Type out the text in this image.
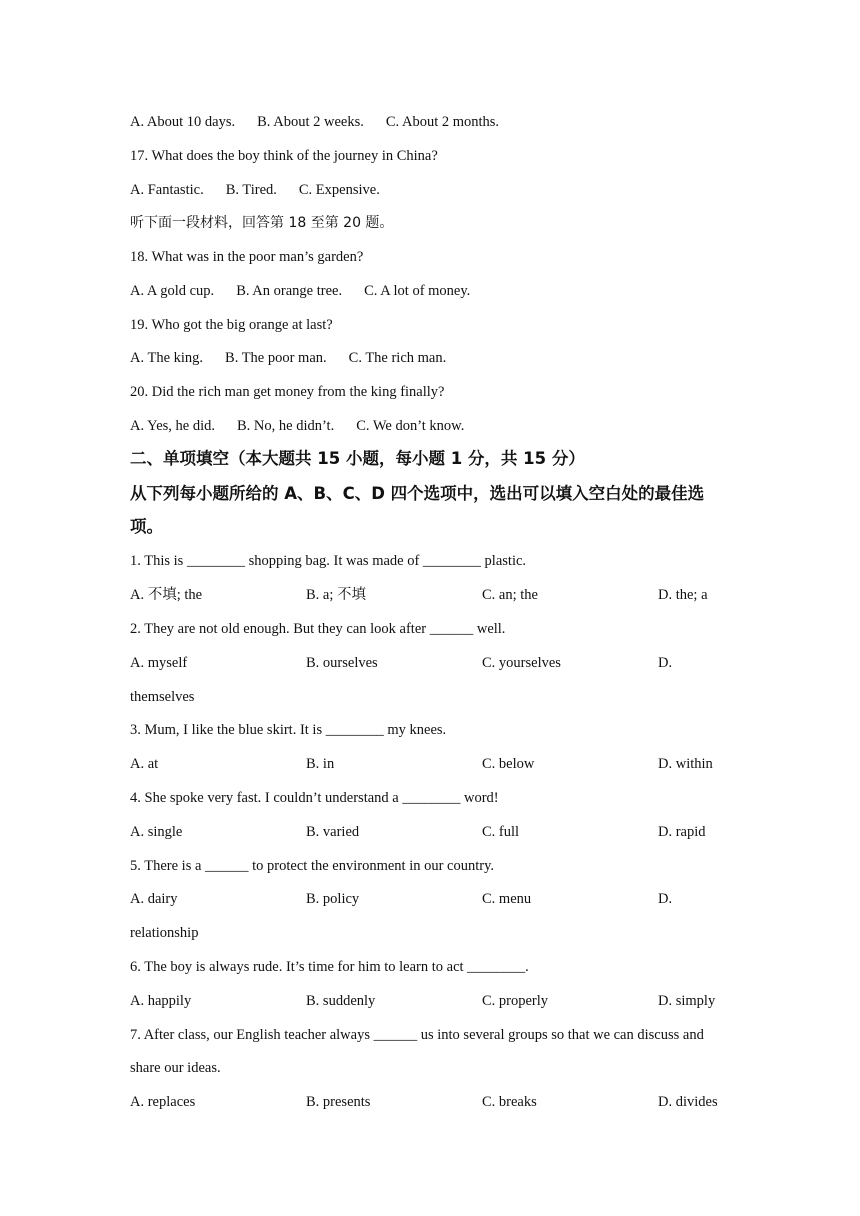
A. About 10 days. B. About 2 weeks. C. About 2 months.
17. What does the boy think of the journey in China?
A. Fantastic. B. Tired. C. Expensive.
听下面一段材料，回答第 18 至第 20 题。
18. What was in the poor man’s garden?
A. A gold cup. B. An orange tree. C. A lot of money.
19. Who got the big orange at last?
A. The king. B. The poor man. C. The rich man.
20. Did the rich man get money from the king finally?
A. Yes, he did. B. No, he didn’t. C. We don’t know.
二、单项填空（本大题共 15 小题，每小题 1 分，共 15 分）
从下列每小题所给的 A、B、C、D 四个选项中，选出可以填入空白处的最佳选
项。
1. This is ________ shopping bag. It was made of ________ plastic.
A. 不填; the	B. a; 不填	C. an; the	D. the; a
2. They are not old enough. But they can look after ______ well.
A. myself	B. ourselves	C. yourselves	D.
themselves
3. Mum, I like the blue skirt. It is ________ my knees.
A. at	B. in	C. below	D. within
4. She spoke very fast. I couldn’t understand a ________ word!
A. single	B. varied	C. full	D. rapid
5. There is a ______ to protect the environment in our country.
A. dairy	B. policy	C. menu	D.
relationship
6. The boy is always rude. It’s time for him to learn to act ________.
A. happily	B. suddenly	C. properly	D. simply
7. After class, our English teacher always ______ us into several groups so that we can discuss and
share our ideas.
A. replaces	B. presents	C. breaks	D. divides
